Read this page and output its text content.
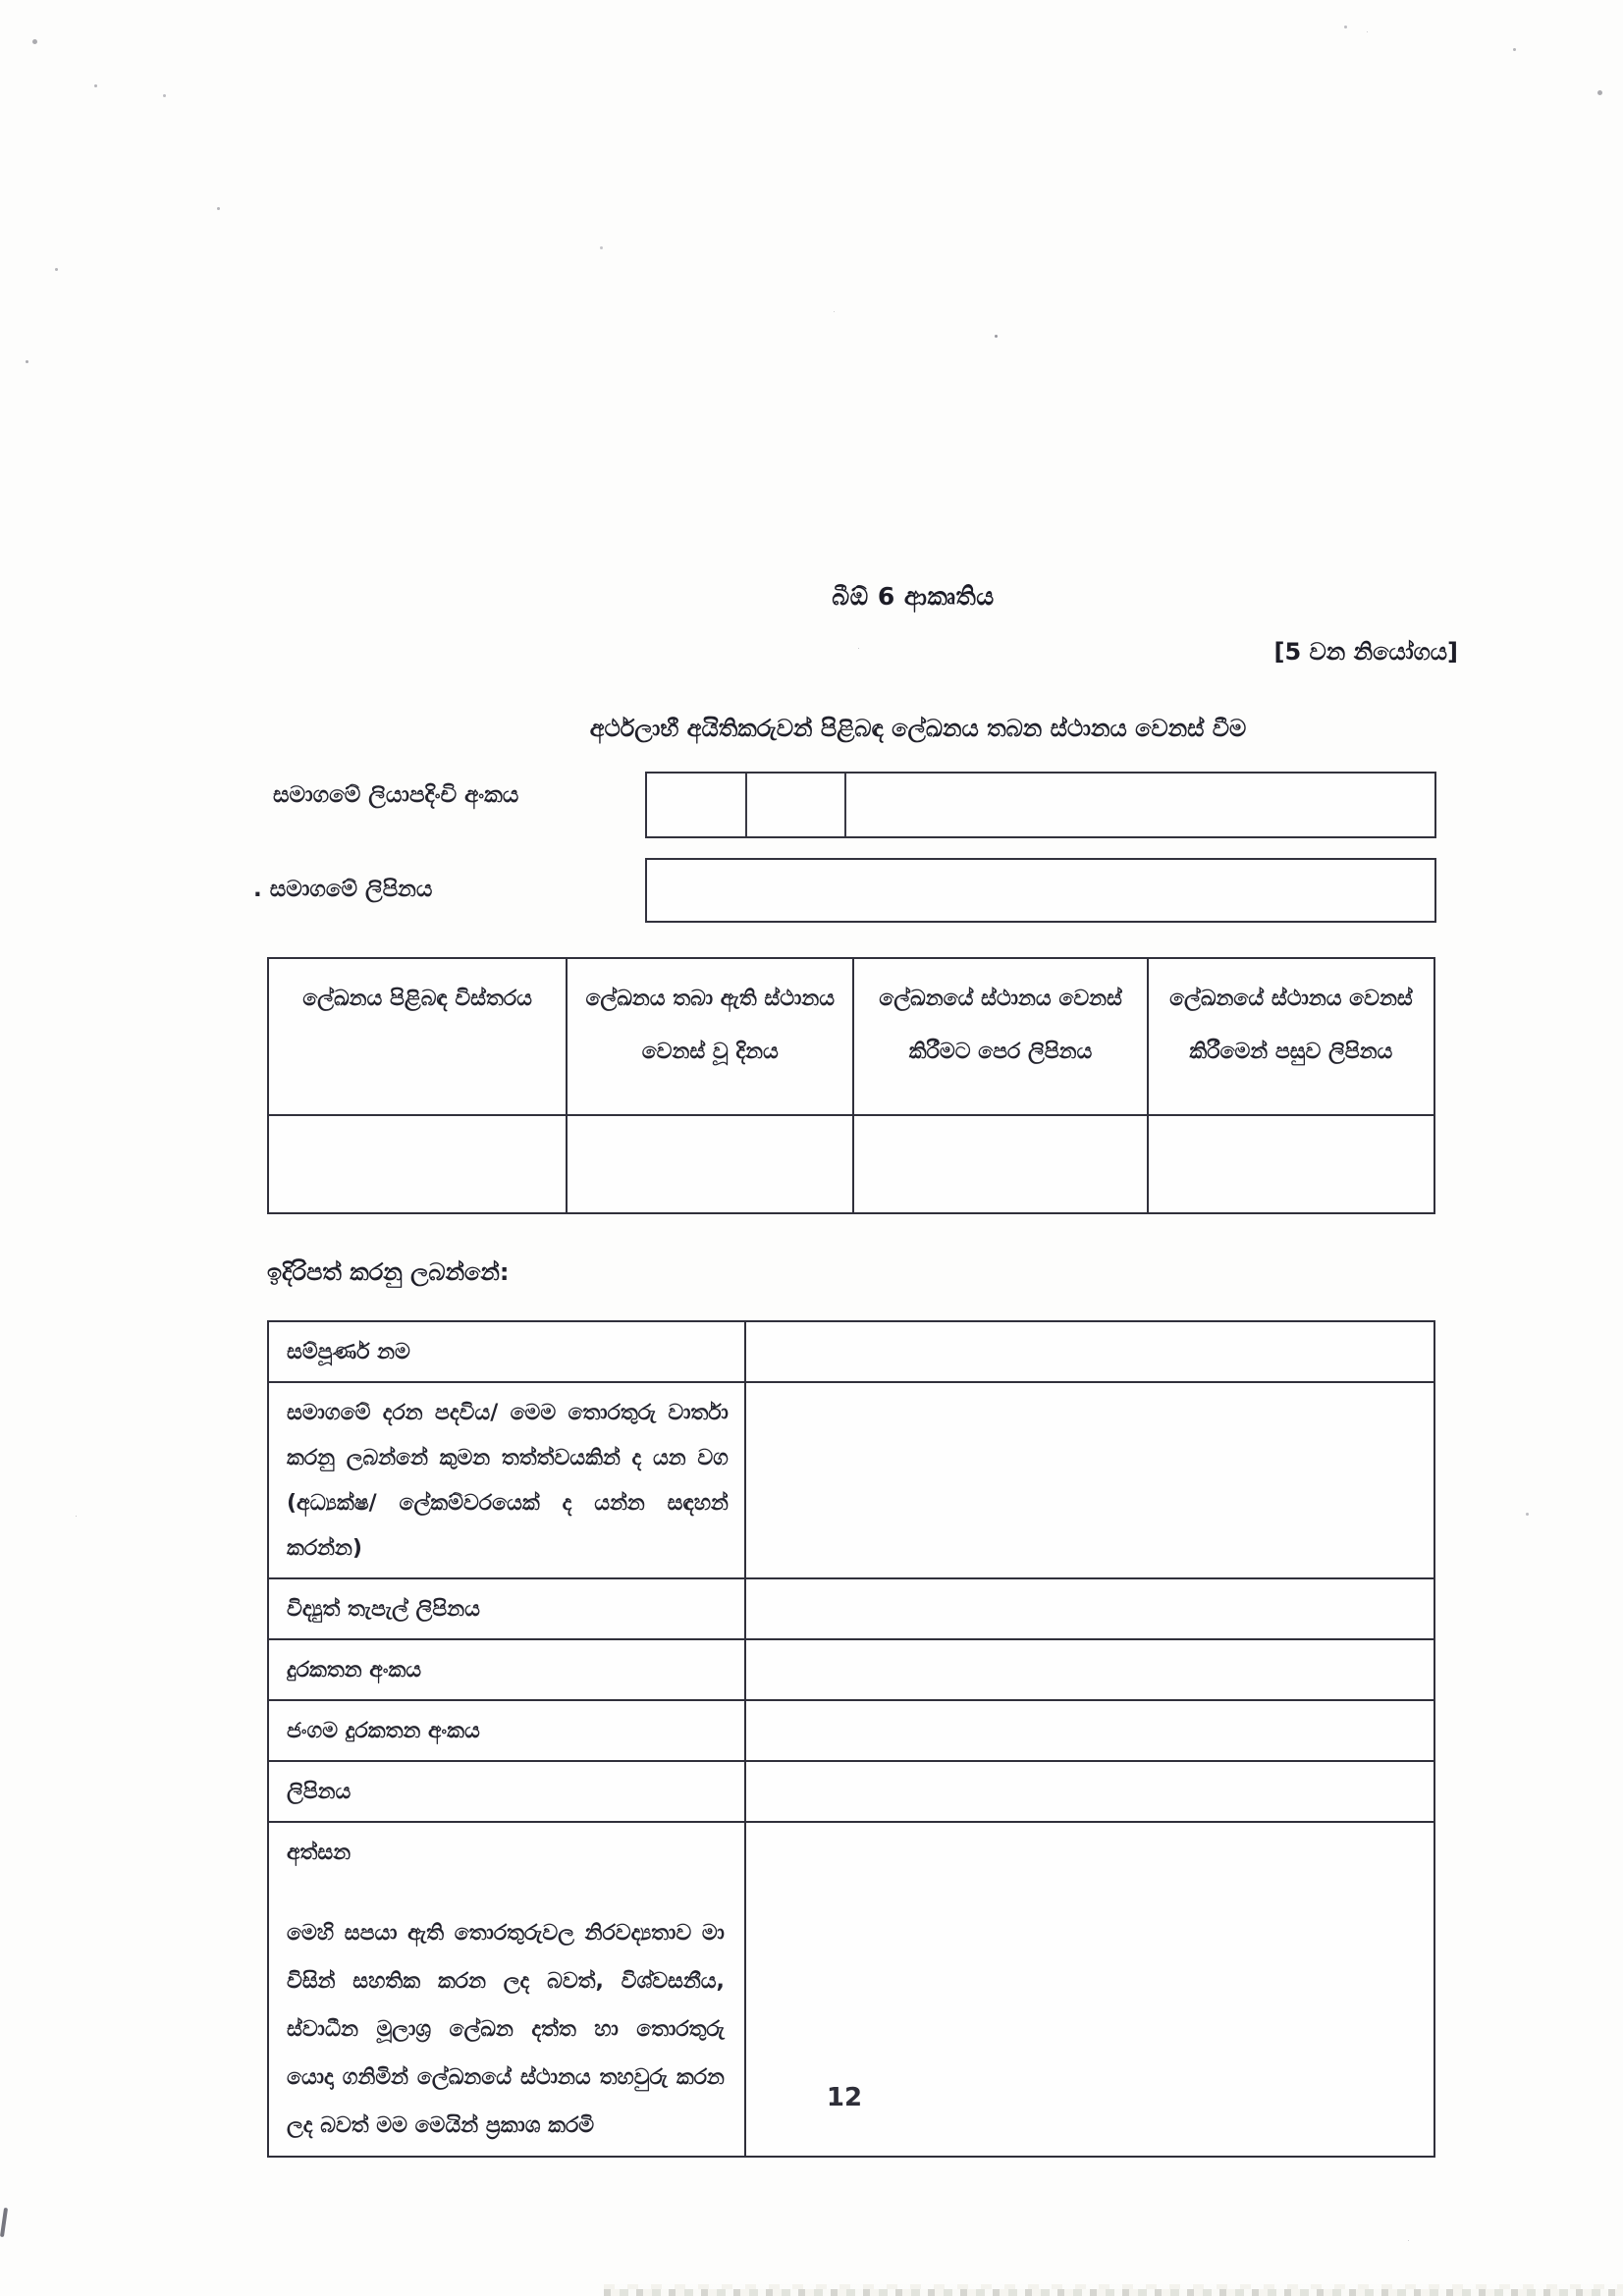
බීඕ 6 ආකෘතිය
[5 වන නියෝගය]
අර්ථලාභී අයිතිකරුවන් පිළිබඳ ලේඛනය තබන ස්ථානය වෙනස් වීම
සමාගමේ ලියාපදිංචි අංකය
. සමාගමේ ලිපිනය
ලේඛනය පිළිබඳ විස්තරය	ලේඛනය තබා ඇති ස්ථානය වෙනස් වූ දිනය	ලේඛනයේ ස්ථානය වෙනස් කිරීමට පෙර ලිපිනය	ලේඛනයේ ස්ථානය වෙනස් කිරීමෙන් පසුව ලිපිනය

ඉදිරිපත් කරනු ලබන්නේ:
සම්පූර්ණ නම	
සමාගමේ දරන පදවිය/ මෙම තොරතුරු වාර්තා කරනු ලබන්නේ කුමන තත්ත්වයකින් ද යන වග (අධ්‍යක්ෂ/ ලේකම්වරයෙක් ද යන්න සඳහන් කරන්න)	
විද්‍යුත් තැපැල් ලිපිනය	
දුරකතන අංකය	
ජංගම දුරකතන අංකය	
ලිපිනය	
අත්සන
මෙහි සපයා ඇති තොරතුරුවල නිරවද්‍යතාව මා විසින් සහතික කරන ලද බවත්, විශ්වසනීය, ස්වාධීන මූලාශ්‍ර ලේඛන දත්ත හා තොරතුරු යොදා ගනිමින් ලේඛනයේ ස්ථානය තහවුරු කරන ලද බවත් මම මෙයින් ප්‍රකාශ කරමි	

12
